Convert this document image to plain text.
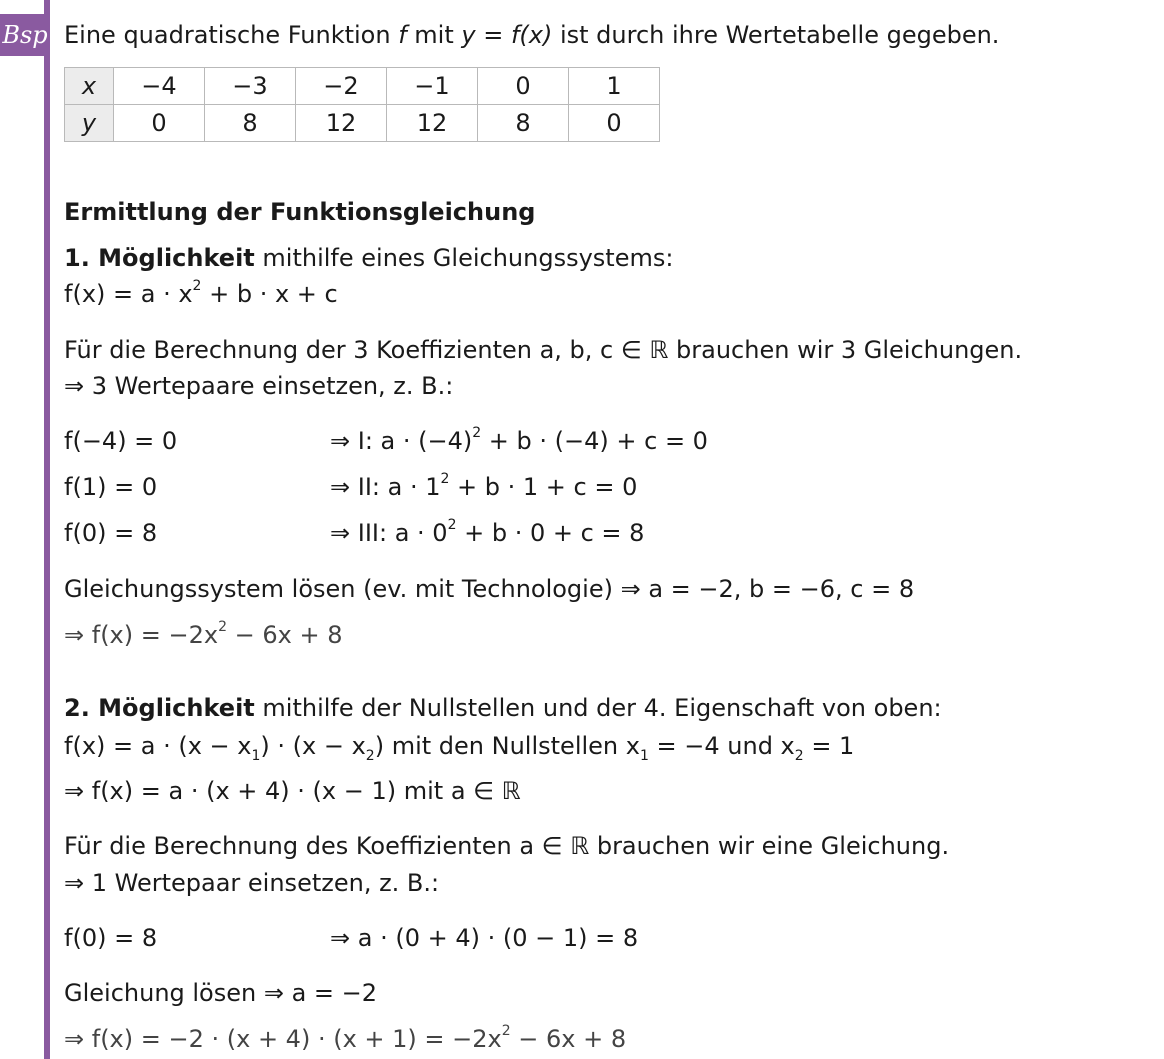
Bsp Eine quadratische Funktion f mit y = f(x) ist durch ihre Wertetabelle gegeben.
x	−4	−3	−2	−1	0	1
y	0	8	12	12	8	0
Ermittlung der Funktionsgleichung
1. Möglichkeit mithilfe eines Gleichungssystems:
$f(x) = a \cdot x^2 + b \cdot x + c$
Für die Berechnung der 3 Koeffizienten a, b, c ∈ ℝ brauchen wir 3 Gleichungen.
⇒ 3 Wertepaare einsetzen, z. B.:
f(−4) = 0	⇒ I: $a \cdot (-4)^2 + b \cdot (-4) + c = 0$
f(1) = 0	⇒ II: $a \cdot 1^2 + b \cdot 1 + c = 0$
f(0) = 8	⇒ III: $a \cdot 0^2 + b \cdot 0 + c = 8$
Gleichungssystem lösen (ev. mit Technologie) ⇒ a = −2, b = −6, c = 8
⇒ $f(x) = -2x^2 - 6x + 8$
2. Möglichkeit mithilfe der Nullstellen und der 4. Eigenschaft von oben:
$f(x) = a \cdot (x - x_1) \cdot (x - x_2)$ mit den Nullstellen $x_1 = -4$ und $x_2 = 1$
⇒ f(x) = a · (x + 4) · (x − 1) mit a ∈ ℝ
Für die Berechnung des Koeffizienten a ∈ ℝ brauchen wir eine Gleichung.
⇒ 1 Wertepaar einsetzen, z. B.:
f(0) = 8	⇒ a · (0 + 4) · (0 − 1) = 8
Gleichung lösen ⇒ a = −2
⇒ $f(x) = -2 \cdot (x + 4) \cdot (x + 1) = -2x^2 - 6x + 8$
